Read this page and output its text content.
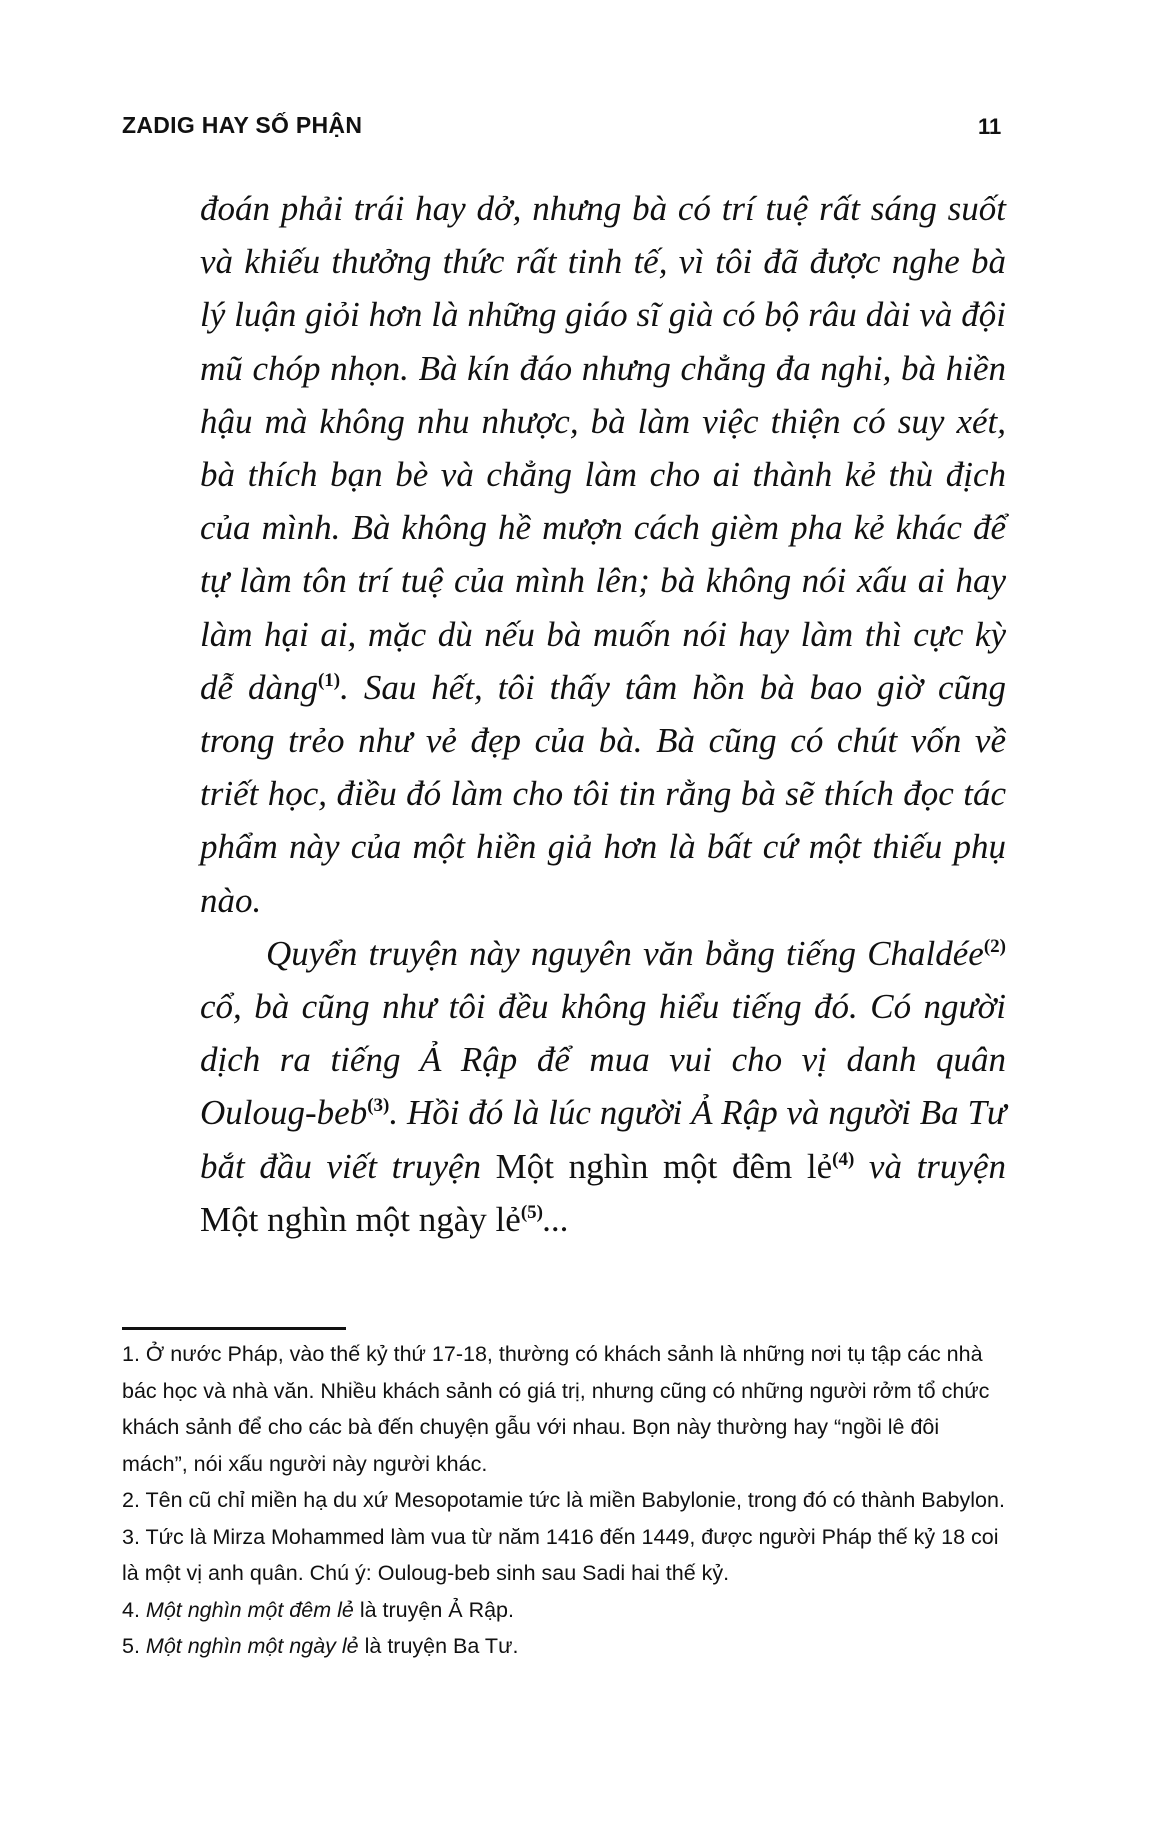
ZADIG HAY SỐ PHẬN	11

đoán phải trái hay dở, nhưng bà có trí tuệ rất sáng suốt và khiếu thưởng thức rất tinh tế, vì tôi đã được nghe bà lý luận giỏi hơn là những giáo sĩ già có bộ râu dài và đội mũ chóp nhọn. Bà kín đáo nhưng chẳng đa nghi, bà hiền hậu mà không nhu nhược, bà làm việc thiện có suy xét, bà thích bạn bè và chẳng làm cho ai thành kẻ thù địch của mình. Bà không hề mượn cách gièm pha kẻ khác để tự làm tôn trí tuệ của mình lên; bà không nói xấu ai hay làm hại ai, mặc dù nếu bà muốn nói hay làm thì cực kỳ dễ dàng$^{(1)}$. Sau hết, tôi thấy tâm hồn bà bao giờ cũng trong trẻo như vẻ đẹp của bà. Bà cũng có chút vốn về triết học, điều đó làm cho tôi tin rằng bà sẽ thích đọc tác phẩm này của một hiền giả hơn là bất cứ một thiếu phụ nào.

Quyển truyện này nguyên văn bằng tiếng Chaldée$^{(2)}$ cổ, bà cũng như tôi đều không hiểu tiếng đó. Có người dịch ra tiếng Ả Rập để mua vui cho vị danh quân Ouloug-beb$^{(3)}$. Hồi đó là lúc người Ả Rập và người Ba Tư bắt đầu viết truyện Một nghìn một đêm lẻ$^{(4)}$ và truyện Một nghìn một ngày lẻ$^{(5)}$...

1. Ở nước Pháp, vào thế kỷ thứ 17-18, thường có khách sảnh là những nơi tụ tập các nhà bác học và nhà văn. Nhiều khách sảnh có giá trị, nhưng cũng có những người rởm tổ chức khách sảnh để cho các bà đến chuyện gẫu với nhau. Bọn này thường hay “ngồi lê đôi mách”, nói xấu người này người khác.

2. Tên cũ chỉ miền hạ du xứ Mesopotamie tức là miền Babylonie, trong đó có thành Babylon.

3. Tức là Mirza Mohammed làm vua từ năm 1416 đến 1449, được người Pháp thế kỷ 18 coi là một vị anh quân. Chú ý: Ouloug-beb sinh sau Sadi hai thế kỷ.

4. Một nghìn một đêm lẻ là truyện Ả Rập.

5. Một nghìn một ngày lẻ là truyện Ba Tư.
